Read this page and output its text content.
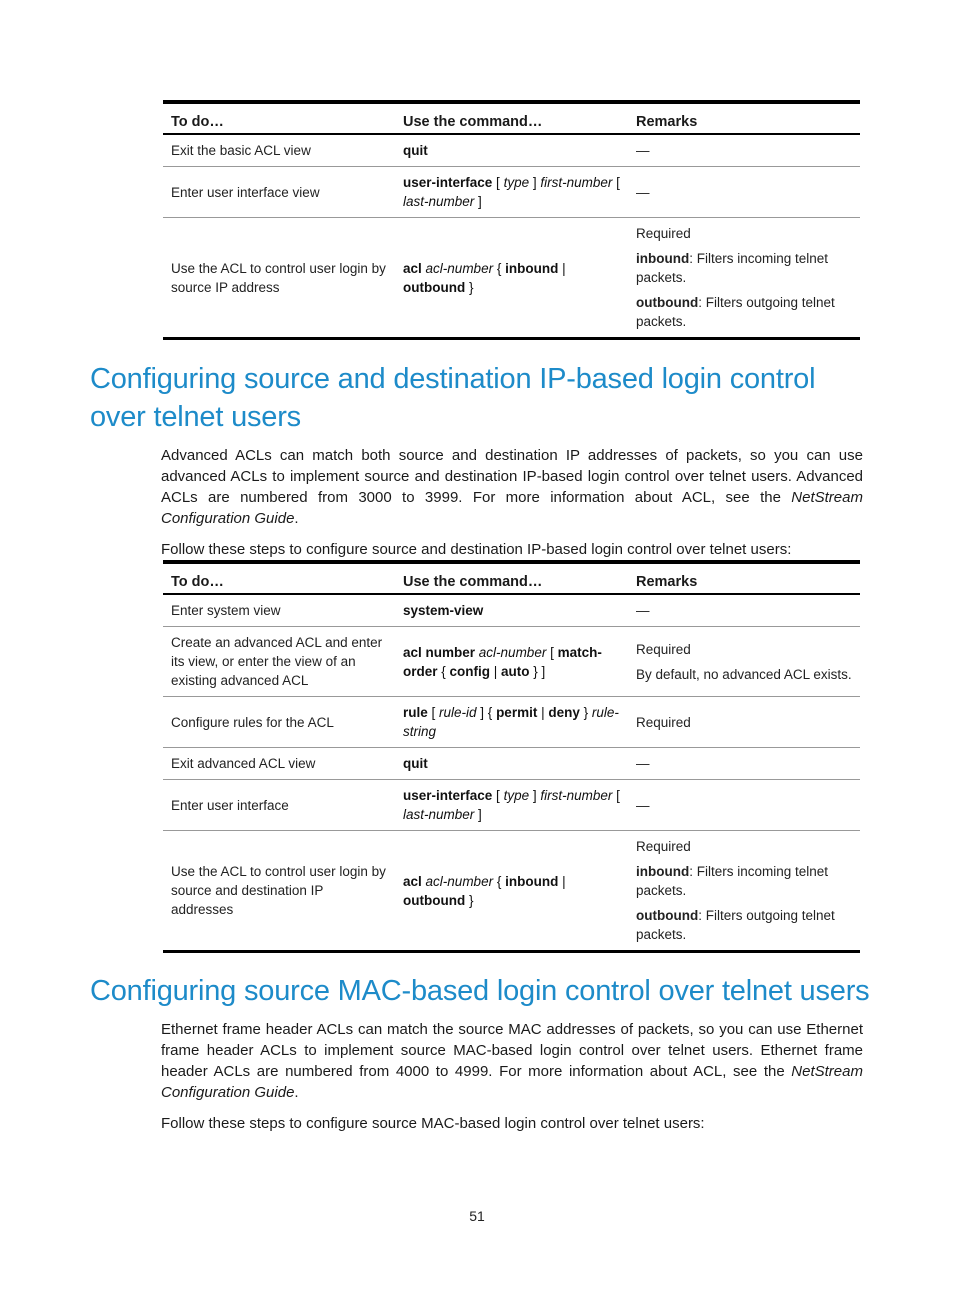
To do…	Use the command…	Remarks
Exit the basic ACL view	quit	—

Enter user interface view	user-interface [ type ] first-number [ last-number ]	—

Use the ACL to control user login by source IP address	acl acl-number { inbound | outbound }	Required

inbound: Filters incoming telnet packets.

outbound: Filters outgoing telnet packets.

Configuring source and destination IP-based login control over telnet users

Advanced ACLs can match both source and destination IP addresses of packets, so you can use advanced ACLs to implement source and destination IP-based login control over telnet users. Advanced ACLs are numbered from 3000 to 3999. For more information about ACL, see the NetStream Configuration Guide.

Follow these steps to configure source and destination IP-based login control over telnet users:

To do…	Use the command…	Remarks
Enter system view	system-view	—

Create an advanced ACL and enter its view, or enter the view of an existing advanced ACL	acl number acl-number [ match-order { config | auto } ]	Required

By default, no advanced ACL exists.

Configure rules for the ACL	rule [ rule-id ] { permit | deny } rule-string	Required

Exit advanced ACL view	quit	—

Enter user interface	user-interface [ type ] first-number [ last-number ]	—

Use the ACL to control user login by source and destination IP addresses	acl acl-number { inbound | outbound }	Required

inbound: Filters incoming telnet packets.

outbound: Filters outgoing telnet packets.

Configuring source MAC-based login control over telnet users

Ethernet frame header ACLs can match the source MAC addresses of packets, so you can use Ethernet frame header ACLs to implement source MAC-based login control over telnet users. Ethernet frame header ACLs are numbered from 4000 to 4999. For more information about ACL, see the NetStream Configuration Guide.

Follow these steps to configure source MAC-based login control over telnet users:

51
